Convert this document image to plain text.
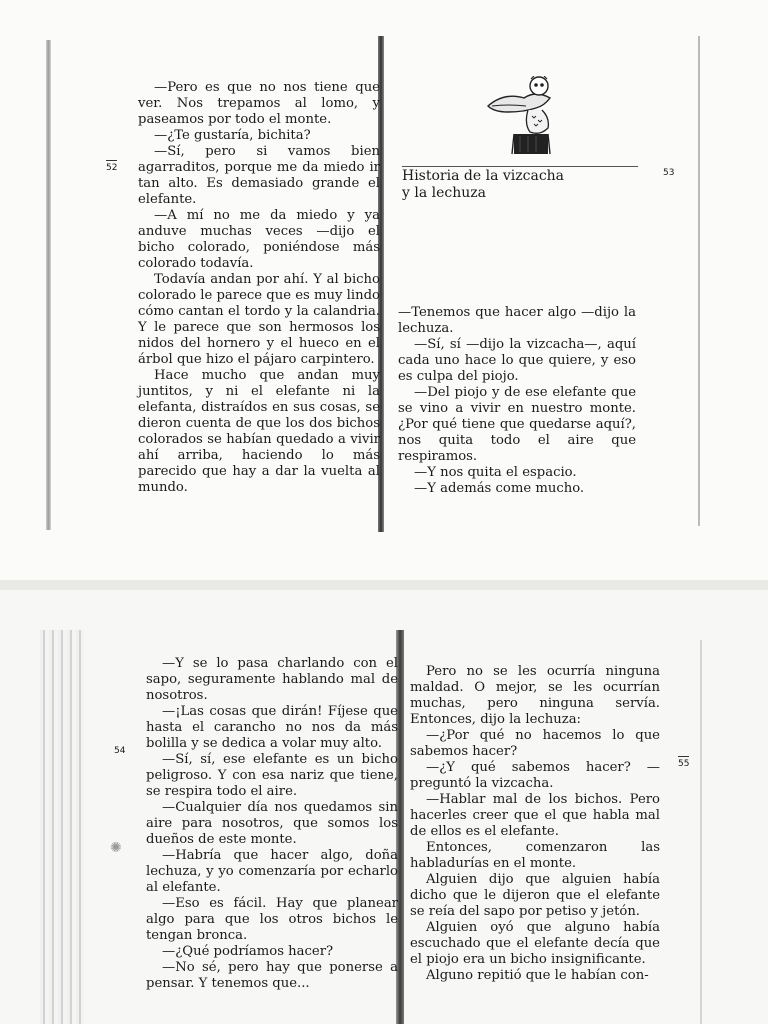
52

—Pero es que no nos tiene que ver. Nos trepamos al lomo, y paseamos por todo el monte.

—¿Te gustaría, bichita?

—Sí, pero si vamos bien agarraditos, porque me da miedo ir tan alto. Es demasiado grande el elefante.

—A mí no me da miedo y ya anduve muchas veces —dijo el bicho colorado, poniéndose más colorado todavía.

Todavía andan por ahí. Y al bicho colorado le parece que es muy lindo cómo cantan el tordo y la calandria. Y le parece que son hermosos los nidos del hornero y el hueco en el árbol que hizo el pájaro carpintero.

Hace mucho que andan muy juntitos, y ni el elefante ni la elefanta, distraídos en sus cosas, se dieron cuenta de que los dos bichos colorados se habían quedado a vivir ahí arriba, haciendo lo más parecido que hay a dar la vuelta al mundo.

Historia de la vizcacha
y la lechuza
53

—Tenemos que hacer algo —dijo la lechuza.

—Sí, sí —dijo la vizcacha—, aquí cada uno hace lo que quiere, y eso es culpa del piojo.

—Del piojo y de ese elefante que se vino a vivir en nuestro monte. ¿Por qué tiene que quedarse aquí?, nos quita todo el aire que respiramos.

—Y nos quita el espacio.

—Y además come mucho.

54
✺

—Y se lo pasa charlando con el sapo, seguramente hablando mal de nosotros.

—¡Las cosas que dirán! Fíjese que hasta el carancho no nos da más bolilla y se dedica a volar muy alto.

—Sí, sí, ese elefante es un bicho peligroso. Y con esa nariz que tiene, se respira todo el aire.

—Cualquier día nos quedamos sin aire para nosotros, que somos los dueños de este monte.

—Habría que hacer algo, doña lechuza, y yo comenzaría por echarlo al elefante.

—Eso es fácil. Hay que planear algo para que los otros bichos le tengan bronca.

—¿Qué podríamos hacer?

—No sé, pero hay que ponerse a pensar. Y tenemos que...

55

Pero no se les ocurría ninguna maldad. O mejor, se les ocurrían muchas, pero ninguna servía. Entonces, dijo la lechuza:

—¿Por qué no hacemos lo que sabemos hacer?

—¿Y qué sabemos hacer? —preguntó la vizcacha.

—Hablar mal de los bichos. Pero hacerles creer que el que habla mal de ellos es el elefante.

Entonces, comenzaron las habladurías en el monte.

Alguien dijo que alguien había dicho que le dijeron que el elefante se reía del sapo por petiso y jetón.

Alguien oyó que alguno había escuchado que el elefante decía que el piojo era un bicho insignificante.

Alguno repitió que le habían con-
